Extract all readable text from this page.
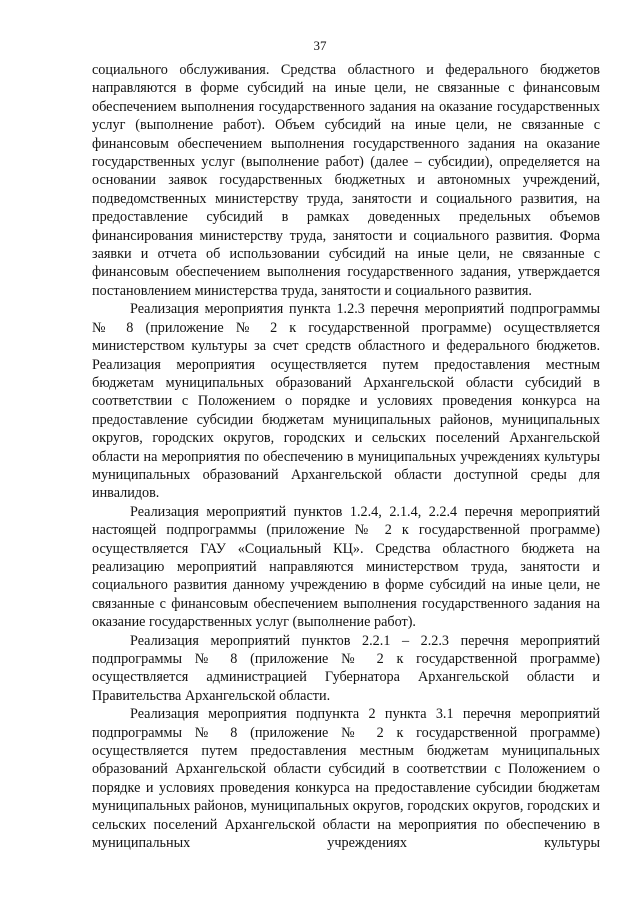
37

социального обслуживания. Средства областного и федерального бюджетов направляются в форме субсидий на иные цели, не связанные с финансовым обеспечением выполнения государственного задания на оказание государственных услуг (выполнение работ). Объем субсидий на иные цели, не связанные с финансовым обеспечением выполнения государственного задания на оказание государственных услуг (выполнение работ) (далее – субсидии), определяется на основании заявок государственных бюджетных и автономных учреждений, подведомственных министерству труда, занятости и социального развития, на предоставление субсидий в рамках доведенных предельных объемов финансирования министерству труда, занятости и социального развития. Форма заявки и отчета об использовании субсидий на иные цели, не связанные с финансовым обеспечением выполнения государственного задания, утверждается постановлением министерства труда, занятости и социального развития.

Реализация мероприятия пункта 1.2.3 перечня мероприятий подпрограммы № 8 (приложение № 2 к государственной программе) осуществляется министерством культуры за счет средств областного и федерального бюджетов. Реализация мероприятия осуществляется путем предоставления местным бюджетам муниципальных образований Архангельской области субсидий в соответствии с Положением о порядке и условиях проведения конкурса на предоставление субсидии бюджетам муниципальных районов, муниципальных округов, городских округов, городских и сельских поселений Архангельской области на мероприятия по обеспечению в муниципальных учреждениях культуры муниципальных образований Архангельской области доступной среды для инвалидов.

Реализация мероприятий пунктов 1.2.4, 2.1.4, 2.2.4 перечня мероприятий настоящей подпрограммы (приложение № 2 к государственной программе) осуществляется ГАУ «Социальный КЦ». Средства областного бюджета на реализацию мероприятий направляются министерством труда, занятости и социального развития данному учреждению в форме субсидий на иные цели, не связанные с финансовым обеспечением выполнения государственного задания на оказание государственных услуг (выполнение работ).

Реализация мероприятий пунктов 2.2.1 – 2.2.3 перечня мероприятий подпрограммы № 8 (приложение № 2 к государственной программе) осуществляется администрацией Губернатора Архангельской области и Правительства Архангельской области.

Реализация мероприятия подпункта 2 пункта 3.1 перечня мероприятий подпрограммы № 8 (приложение № 2 к государственной программе) осуществляется путем предоставления местным бюджетам муниципальных образований Архангельской области субсидий в соответствии с Положением о порядке и условиях проведения конкурса на предоставление субсидии бюджетам муниципальных районов, муниципальных округов, городских округов, городских и сельских поселений Архангельской области на мероприятия по обеспечению в муниципальных учреждениях культуры
